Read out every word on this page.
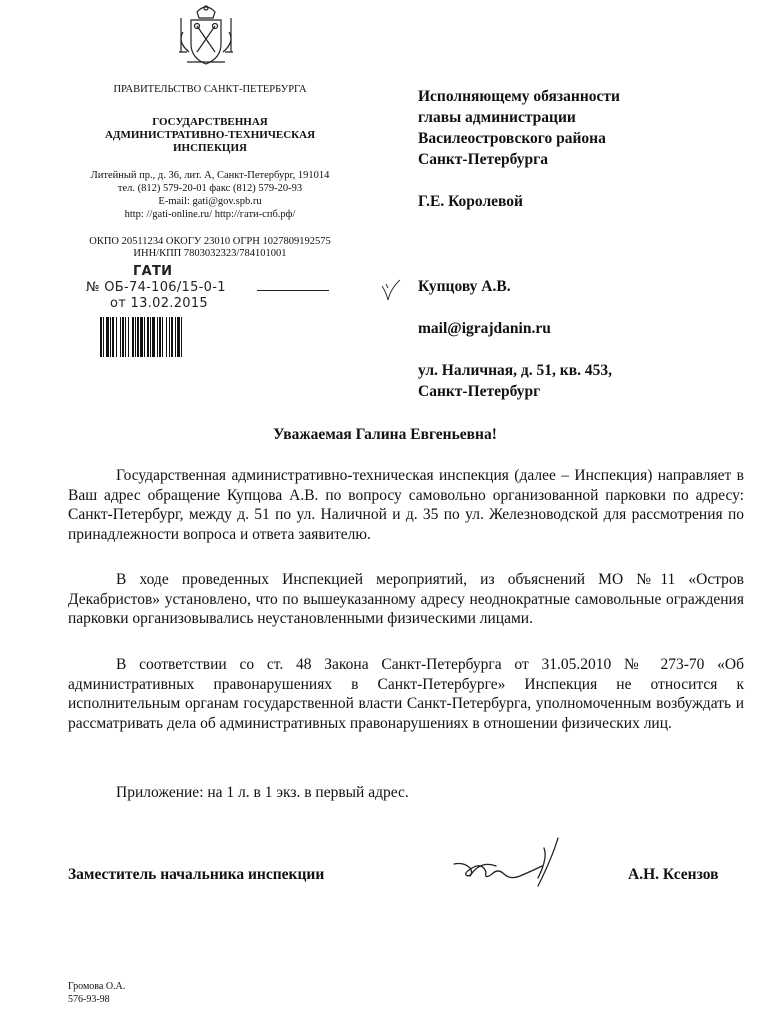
ПРАВИТЕЛЬСТВО САНКТ-ПЕТЕРБУРГА
ГОСУДАРСТВЕННАЯ
АДМИНИСТРАТИВНО-ТЕХНИЧЕСКАЯ
ИНСПЕКЦИЯ
Литейный пр., д. 36, лит. А, Санкт-Петербург, 191014
тел. (812) 579-20-01 факс (812) 579-20-93
E-mail: gati@gov.spb.ru
http: //gati-online.ru/ http://гати-спб.рф/
ОКПО 20511234 ОКОГУ 23010 ОГРН 1027809192575
ИНН/КПП 7803032323/784101001
ГАТИ
№ ОБ-74-106/15-0-1
от 13.02.2015
Исполняющему обязанности
главы администрации
Василеостровского района
Санкт-Петербурга
Г.Е. Королевой
Купцову А.В.
mail@igrajdanin.ru
ул. Наличная, д. 51, кв. 453,
Санкт-Петербург
Уважаемая Галина Евгеньевна!
Государственная административно-техническая инспекция (далее – Инспекция) направляет в Ваш адрес обращение Купцова А.В. по вопросу самовольно организованной парковки по адресу: Санкт-Петербург, между д. 51 по ул. Наличной и д. 35 по ул. Железноводской для рассмотрения по принадлежности вопроса и ответа заявителю.
В ходе проведенных Инспекцией мероприятий, из объяснений МО №11 «Остров Декабристов» установлено, что по вышеуказанному адресу неоднократные самовольные ограждения парковки организовывались неустановленными физическими лицами.
В соответствии со ст. 48 Закона Санкт-Петербурга от 31.05.2010 № 273-70 «Об административных правонарушениях в Санкт-Петербурге» Инспекция не относится к исполнительным органам государственной власти Санкт-Петербурга, уполномоченным возбуждать и рассматривать дела об административных правонарушениях в отношении физических лиц.
Приложение: на 1 л. в 1 экз. в первый адрес.
Заместитель начальника инспекции	А.Н. Ксензов
Громова О.А.
576-93-98
